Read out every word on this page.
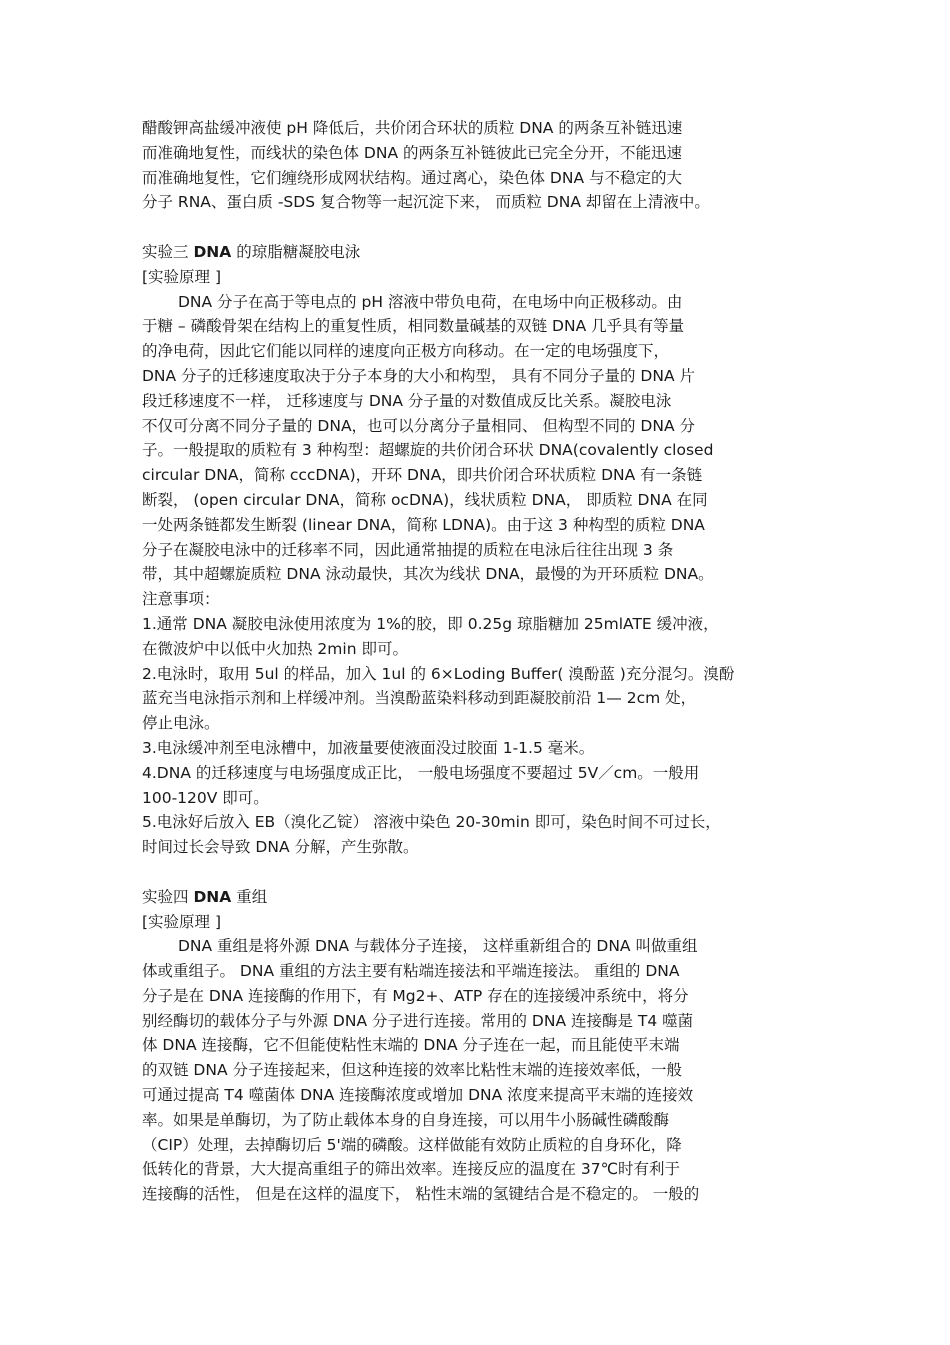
醋酸钾高盐缓冲液使 pH 降低后，共价闭合环状的质粒 DNA 的两条互补链迅速
而准确地复性，而线状的染色体 DNA 的两条互补链彼此已完全分开，不能迅速
而准确地复性，它们缠绕形成网状结构。通过离心，染色体 DNA 与不稳定的大
分子 RNA、蛋白质 -SDS 复合物等一起沉淀下来， 而质粒 DNA 却留在上清液中。

实验三 DNA 的琼脂糖凝胶电泳

[实验原理 ]

DNA 分子在高于等电点的 pH 溶液中带负电荷，在电场中向正极移动。由
于糖 – 磷酸骨架在结构上的重复性质，相同数量碱基的双链 DNA 几乎具有等量
的净电荷，因此它们能以同样的速度向正极方向移动。在一定的电场强度下，
DNA 分子的迁移速度取决于分子本身的大小和构型， 具有不同分子量的 DNA 片
段迁移速度不一样， 迁移速度与 DNA 分子量的对数值成反比关系。凝胶电泳
不仅可分离不同分子量的 DNA，也可以分离分子量相同、 但构型不同的 DNA 分
子。一般提取的质粒有 3 种构型：超螺旋的共价闭合环状 DNA(covalently closed
circular DNA，简称 cccDNA)，开环 DNA，即共价闭合环状质粒 DNA 有一条链
断裂， (open circular DNA，简称 ocDNA)，线状质粒 DNA， 即质粒 DNA 在同
一处两条链都发生断裂 (linear DNA，简称 LDNA)。由于这 3 种构型的质粒 DNA
分子在凝胶电泳中的迁移率不同，因此通常抽提的质粒在电泳后往往出现 3 条
带，其中超螺旋质粒 DNA 泳动最快，其次为线状 DNA，最慢的为开环质粒 DNA。

注意事项：

1.通常 DNA 凝胶电泳使用浓度为 1%的胶，即 0.25g 琼脂糖加 25mlATE 缓冲液，
在微波炉中以低中火加热 2min 即可。

2.电泳时，取用 5ul 的样品，加入 1ul 的 6×Loding Buffer( 溴酚蓝 )充分混匀。溴酚
蓝充当电泳指示剂和上样缓冲剂。当溴酚蓝染料移动到距凝胶前沿 1— 2cm 处，
停止电泳。

3.电泳缓冲剂至电泳槽中，加液量要使液面没过胶面 1-1.5 毫米。

4.DNA 的迁移速度与电场强度成正比， 一般电场强度不要超过 5V／cm。一般用
100-120V 即可。

5.电泳好后放入 EB（溴化乙锭） 溶液中染色 20-30min 即可，染色时间不可过长，
时间过长会导致 DNA 分解，产生弥散。

实验四 DNA 重组

[实验原理 ]

DNA 重组是将外源 DNA 与载体分子连接， 这样重新组合的 DNA 叫做重组
体或重组子。 DNA 重组的方法主要有粘端连接法和平端连接法。 重组的 DNA
分子是在 DNA 连接酶的作用下，有 Mg2+、ATP 存在的连接缓冲系统中，将分
别经酶切的载体分子与外源 DNA 分子进行连接。常用的 DNA 连接酶是 T4 噬菌
体 DNA 连接酶，它不但能使粘性末端的 DNA 分子连在一起，而且能使平末端
的双链 DNA 分子连接起来，但这种连接的效率比粘性末端的连接效率低，一般
可通过提高 T4 噬菌体 DNA 连接酶浓度或增加 DNA 浓度来提高平末端的连接效
率。如果是单酶切，为了防止载体本身的自身连接，可以用牛小肠碱性磷酸酶
（CIP）处理，去掉酶切后 5'端的磷酸。这样做能有效防止质粒的自身环化，降
低转化的背景，大大提高重组子的筛出效率。连接反应的温度在 37℃时有利于
连接酶的活性， 但是在这样的温度下， 粘性末端的氢键结合是不稳定的。 一般的
